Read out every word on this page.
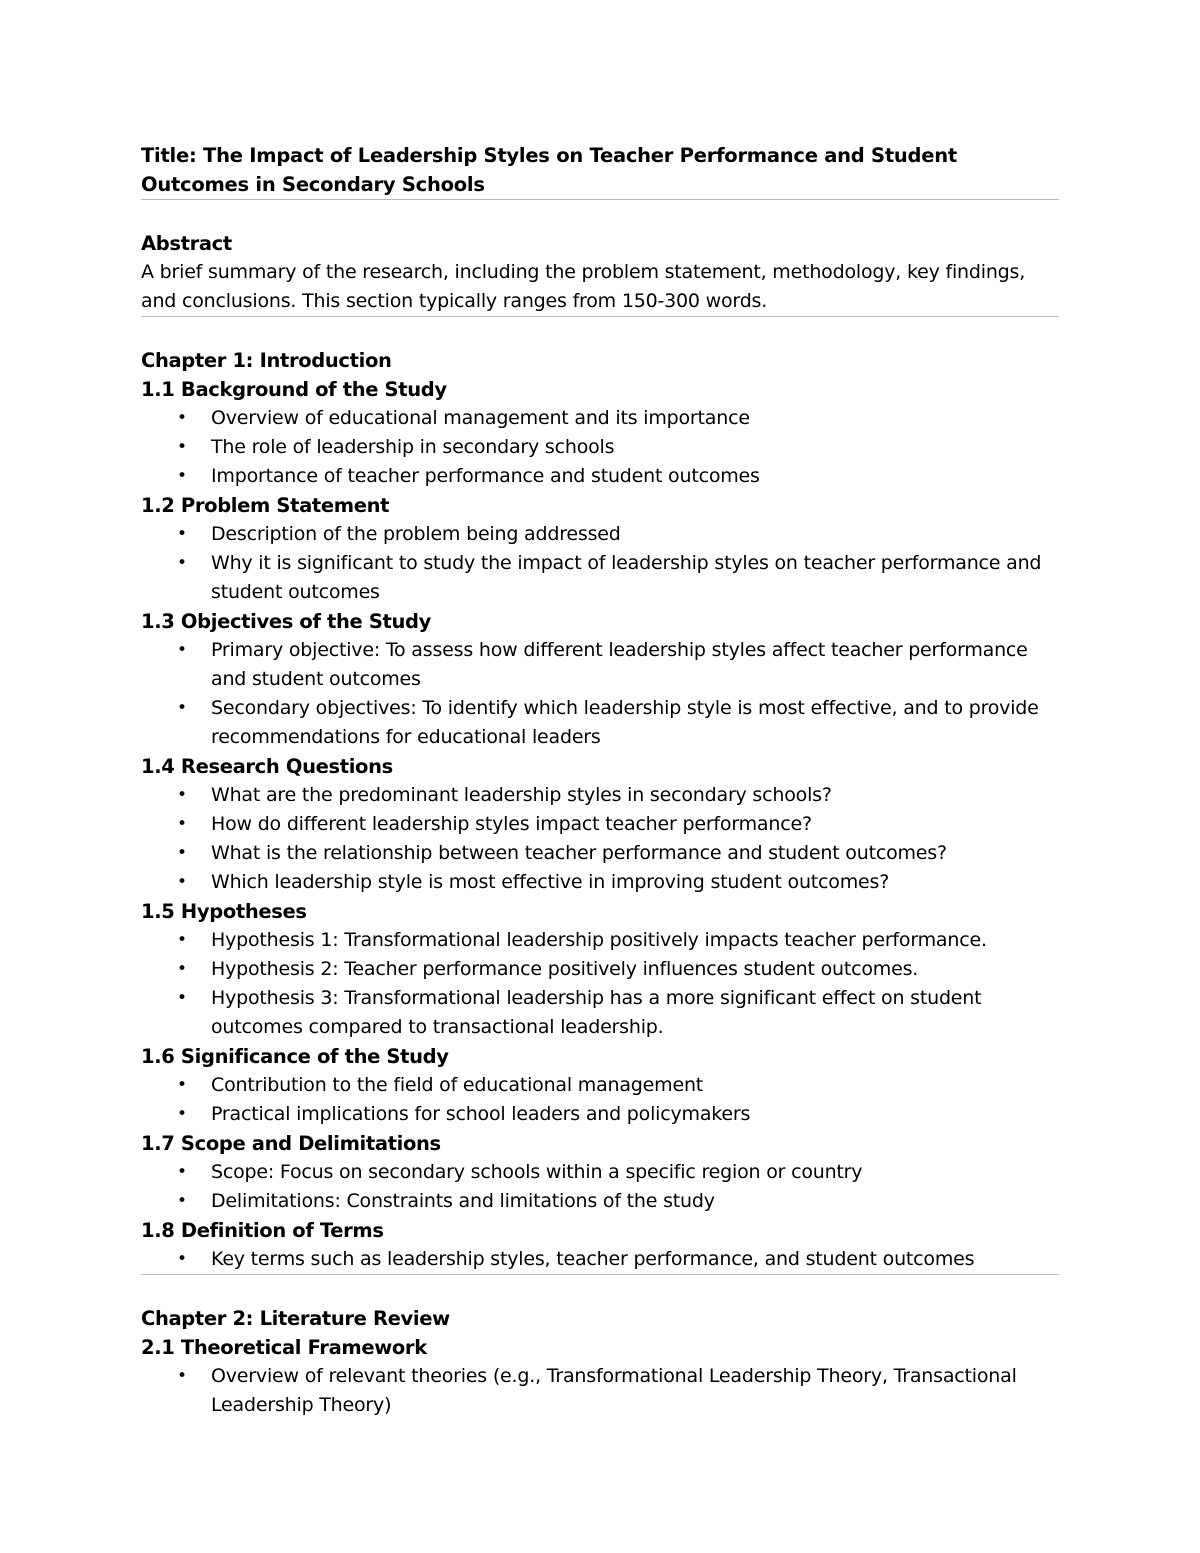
Title: The Impact of Leadership Styles on Teacher Performance and Student Outcomes in Secondary Schools

Abstract

A brief summary of the research, including the problem statement, methodology, key findings, and conclusions. This section typically ranges from 150-300 words.

Chapter 1: Introduction

1.1 Background of the Study

• Overview of educational management and its importance
• The role of leadership in secondary schools
• Importance of teacher performance and student outcomes

1.2 Problem Statement

• Description of the problem being addressed
• Why it is significant to study the impact of leadership styles on teacher performance and student outcomes

1.3 Objectives of the Study

• Primary objective: To assess how different leadership styles affect teacher performance and student outcomes
• Secondary objectives: To identify which leadership style is most effective, and to provide recommendations for educational leaders

1.4 Research Questions

• What are the predominant leadership styles in secondary schools?
• How do different leadership styles impact teacher performance?
• What is the relationship between teacher performance and student outcomes?
• Which leadership style is most effective in improving student outcomes?

1.5 Hypotheses

• Hypothesis 1: Transformational leadership positively impacts teacher performance.
• Hypothesis 2: Teacher performance positively influences student outcomes.
• Hypothesis 3: Transformational leadership has a more significant effect on student outcomes compared to transactional leadership.

1.6 Significance of the Study

• Contribution to the field of educational management
• Practical implications for school leaders and policymakers

1.7 Scope and Delimitations

• Scope: Focus on secondary schools within a specific region or country
• Delimitations: Constraints and limitations of the study

1.8 Definition of Terms

• Key terms such as leadership styles, teacher performance, and student outcomes

Chapter 2: Literature Review

2.1 Theoretical Framework

• Overview of relevant theories (e.g., Transformational Leadership Theory, Transactional Leadership Theory)
